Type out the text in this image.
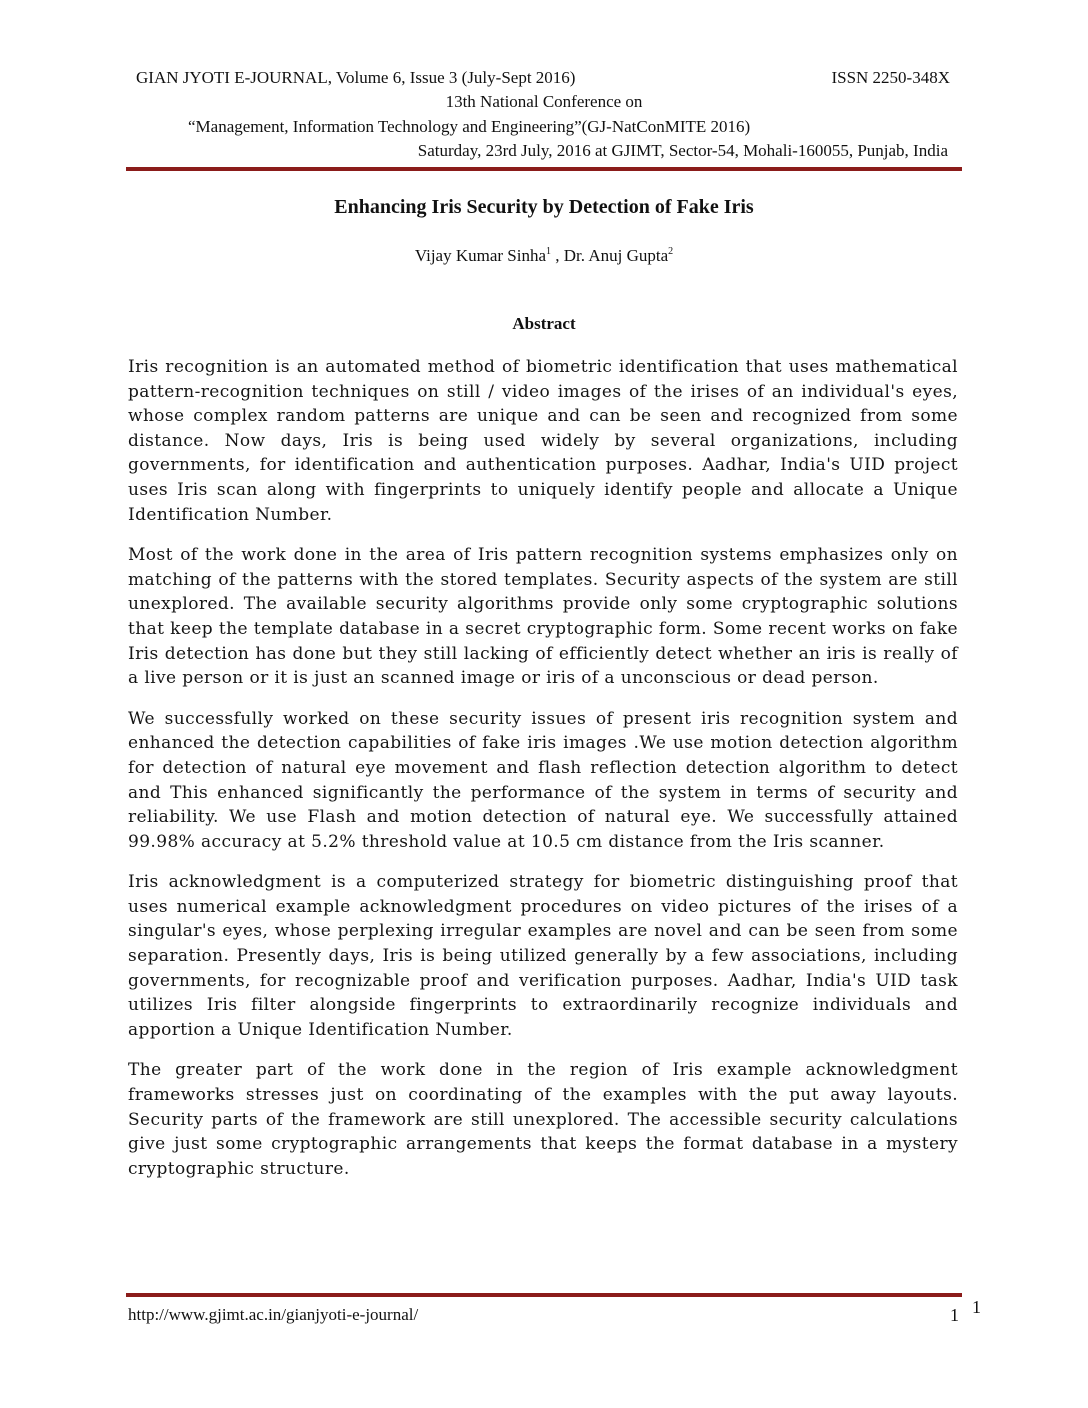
GIAN JYOTI E-JOURNAL, Volume 6, Issue 3 (July-Sept 2016)	ISSN 2250-348X
13th National Conference on
“Management, Information Technology and Engineering”(GJ-NatConMITE 2016)
Saturday, 23rd July, 2016 at GJIMT, Sector-54, Mohali-160055, Punjab, India
Enhancing Iris Security by Detection of Fake Iris
Vijay Kumar Sinha$^1$ , Dr. Anuj Gupta$^2$
Abstract

Iris recognition is an automated method of biometric identification that uses mathematical pattern-recognition techniques on still / video images of the irises of an individual's eyes, whose complex random patterns are unique and can be seen and recognized from some distance. Now days, Iris is being used widely by several organizations, including governments, for identification and authentication purposes. Aadhar, India's UID project uses Iris scan along with fingerprints to uniquely identify people and allocate a Unique Identification Number.

Most of the work done in the area of Iris pattern recognition systems emphasizes only on matching of the patterns with the stored templates. Security aspects of the system are still unexplored. The available security algorithms provide only some cryptographic solutions that keep the template database in a secret cryptographic form. Some recent works on fake Iris detection has done but they still lacking of efficiently detect whether an iris is really of a live person or it is just an scanned image or iris of a unconscious or dead person.

We successfully worked on these security issues of present iris recognition system and enhanced the detection capabilities of fake iris images .We use motion detection algorithm for detection of natural eye movement and flash reflection detection algorithm to detect and This enhanced significantly the performance of the system in terms of security and reliability. We use Flash and motion detection of natural eye. We successfully attained 99.98% accuracy at 5.2% threshold value at 10.5 cm distance from the Iris scanner.

Iris acknowledgment is a computerized strategy for biometric distinguishing proof that uses numerical example acknowledgment procedures on video pictures of the irises of a singular's eyes, whose perplexing irregular examples are novel and can be seen from some separation. Presently days, Iris is being utilized generally by a few associations, including governments, for recognizable proof and verification purposes. Aadhar, India's UID task utilizes Iris filter alongside fingerprints to extraordinarily recognize individuals and apportion a Unique Identification Number.

The greater part of the work done in the region of Iris example acknowledgment frameworks stresses just on coordinating of the examples with the put away layouts. Security parts of the framework are still unexplored. The accessible security calculations give just some cryptographic arrangements that keeps the format database in a mystery cryptographic structure.

http://www.gjimt.ac.in/gianjyoti-e-journal/	1 1
